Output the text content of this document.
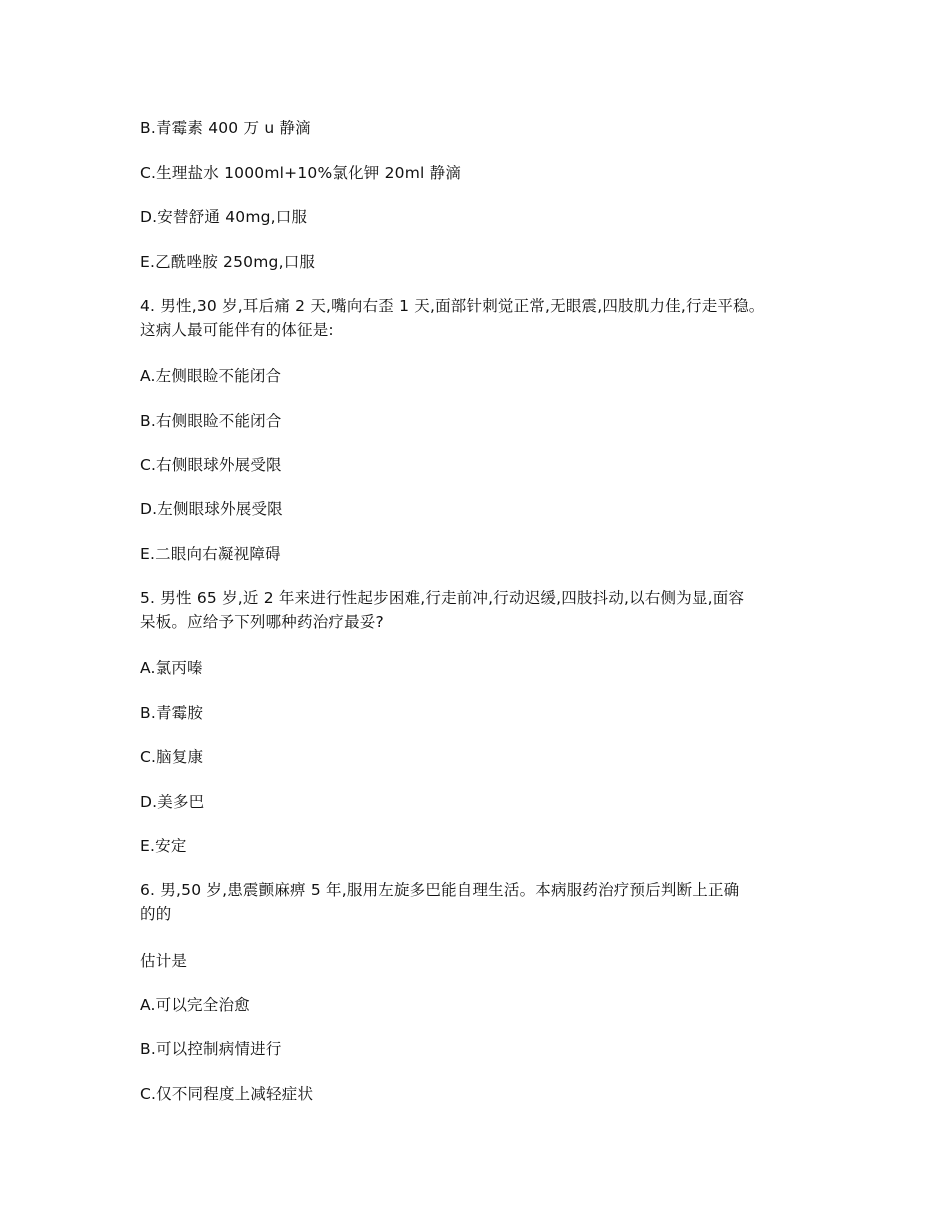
B.青霉素 400 万 u 静滴
C.生理盐水 1000ml+10%氯化钾 20ml 静滴
D.安替舒通 40mg,口服
E.乙酰唑胺 250mg,口服
4. 男性,30 岁,耳后痛 2 天,嘴向右歪 1 天,面部针刺觉正常,无眼震,四肢肌力佳,行走平稳。
这病人最可能伴有的体征是:
A.左侧眼睑不能闭合
B.右侧眼睑不能闭合
C.右侧眼球外展受限
D.左侧眼球外展受限
E.二眼向右凝视障碍
5. 男性 65 岁,近 2 年来进行性起步困难,行走前冲,行动迟缓,四肢抖动,以右侧为显,面容
呆板。应给予下列哪种药治疗最妥?
A.氯丙嗪
B.青霉胺
C.脑复康
D.美多巴
E.安定
6. 男,50 岁,患震颤麻痹 5 年,服用左旋多巴能自理生活。本病服药治疗预后判断上正确
的的
估计是
A.可以完全治愈
B.可以控制病情进行
C.仅不同程度上减轻症状
